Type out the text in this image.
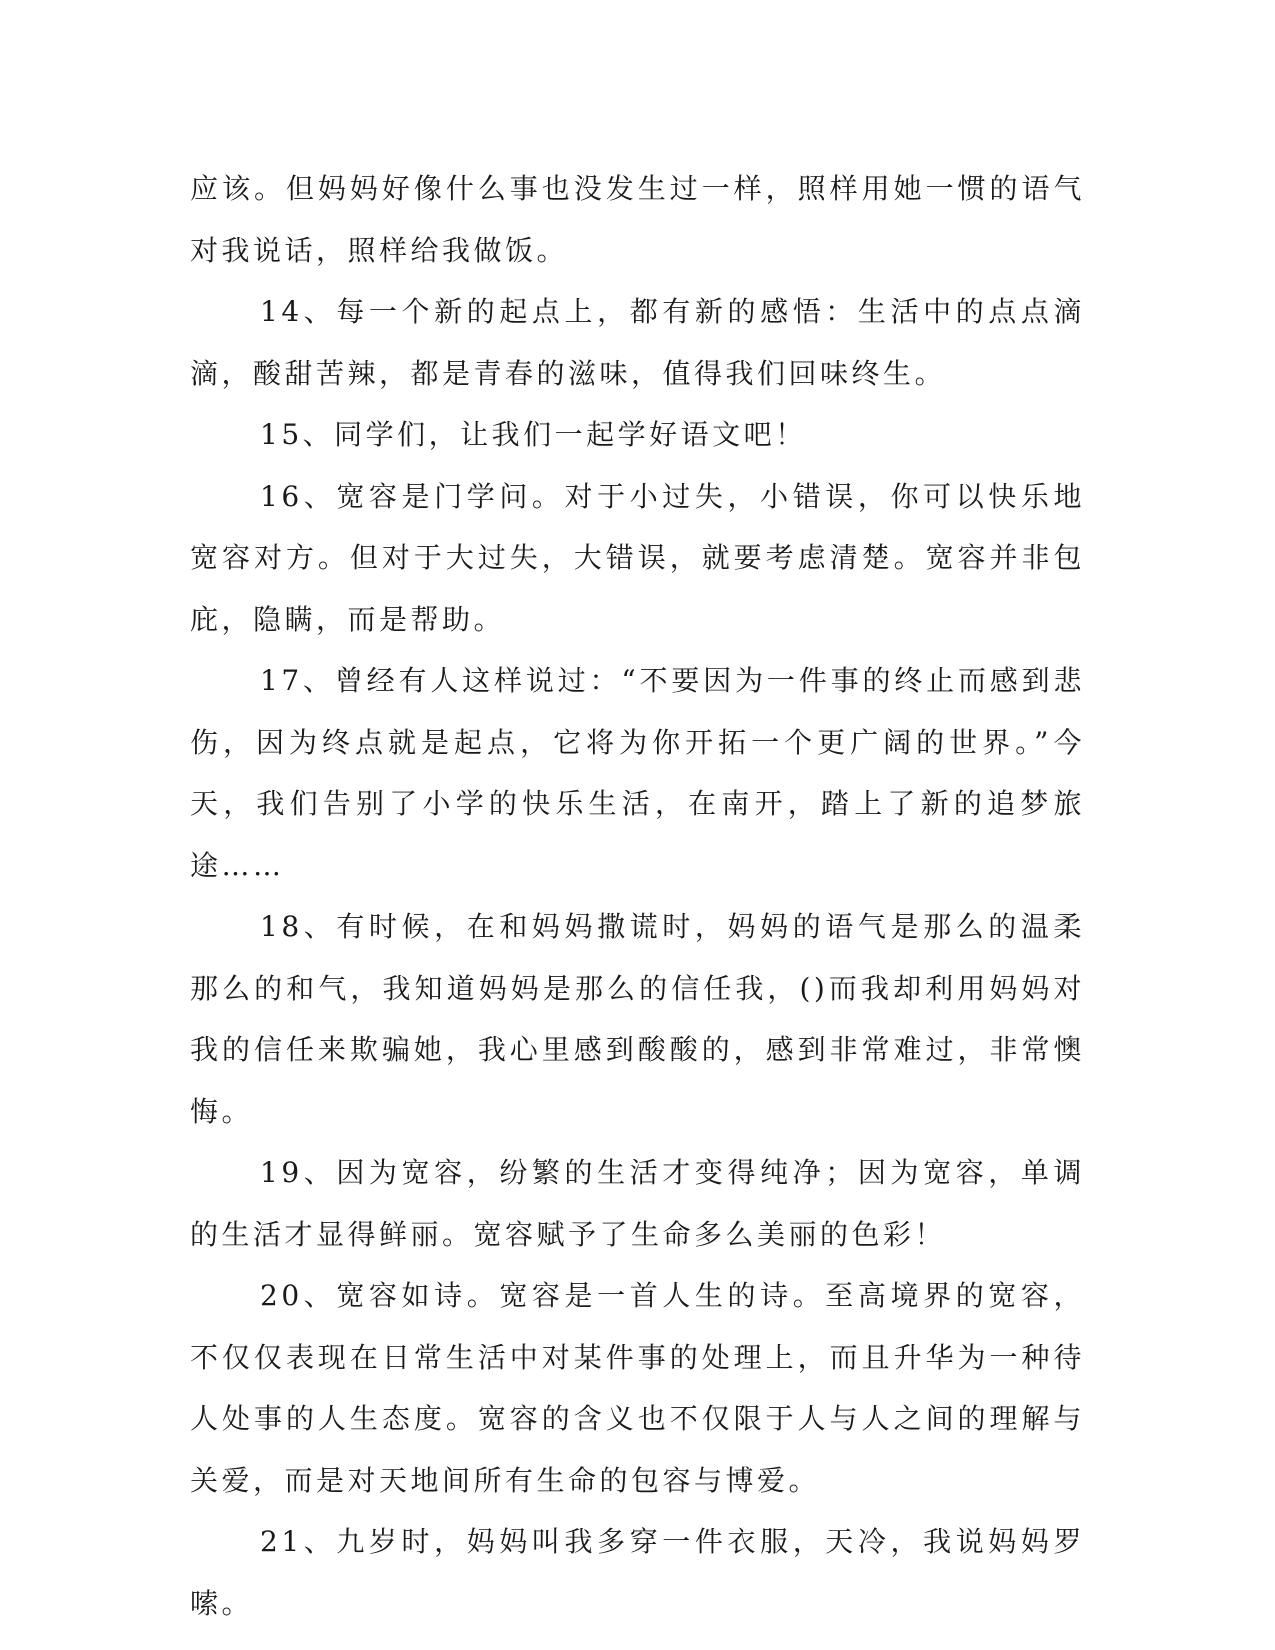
应该。但妈妈好像什么事也没发生过一样，照样用她一惯的语气对我说话，照样给我做饭。

14、每一个新的起点上，都有新的感悟：生活中的点点滴滴，酸甜苦辣，都是青春的滋味，值得我们回味终生。

15、同学们，让我们一起学好语文吧！

16、宽容是门学问。对于小过失，小错误，你可以快乐地宽容对方。但对于大过失，大错误，就要考虑清楚。宽容并非包庇，隐瞒，而是帮助。

17、曾经有人这样说过：“不要因为一件事的终止而感到悲伤，因为终点就是起点，它将为你开拓一个更广阔的世界。”今天，我们告别了小学的快乐生活，在南开，踏上了新的追梦旅途……

18、有时候，在和妈妈撒谎时，妈妈的语气是那么的温柔那么的和气，我知道妈妈是那么的信任我，()而我却利用妈妈对我的信任来欺骗她，我心里感到酸酸的，感到非常难过，非常懊悔。

19、因为宽容，纷繁的生活才变得纯净；因为宽容，单调的生活才显得鲜丽。宽容赋予了生命多么美丽的色彩！

20、宽容如诗。宽容是一首人生的诗。至高境界的宽容，不仅仅表现在日常生活中对某件事的处理上，而且升华为一种待人处事的人生态度。宽容的含义也不仅限于人与人之间的理解与关爱，而是对天地间所有生命的包容与博爱。

21、九岁时，妈妈叫我多穿一件衣服，天冷，我说妈妈罗嗦。
